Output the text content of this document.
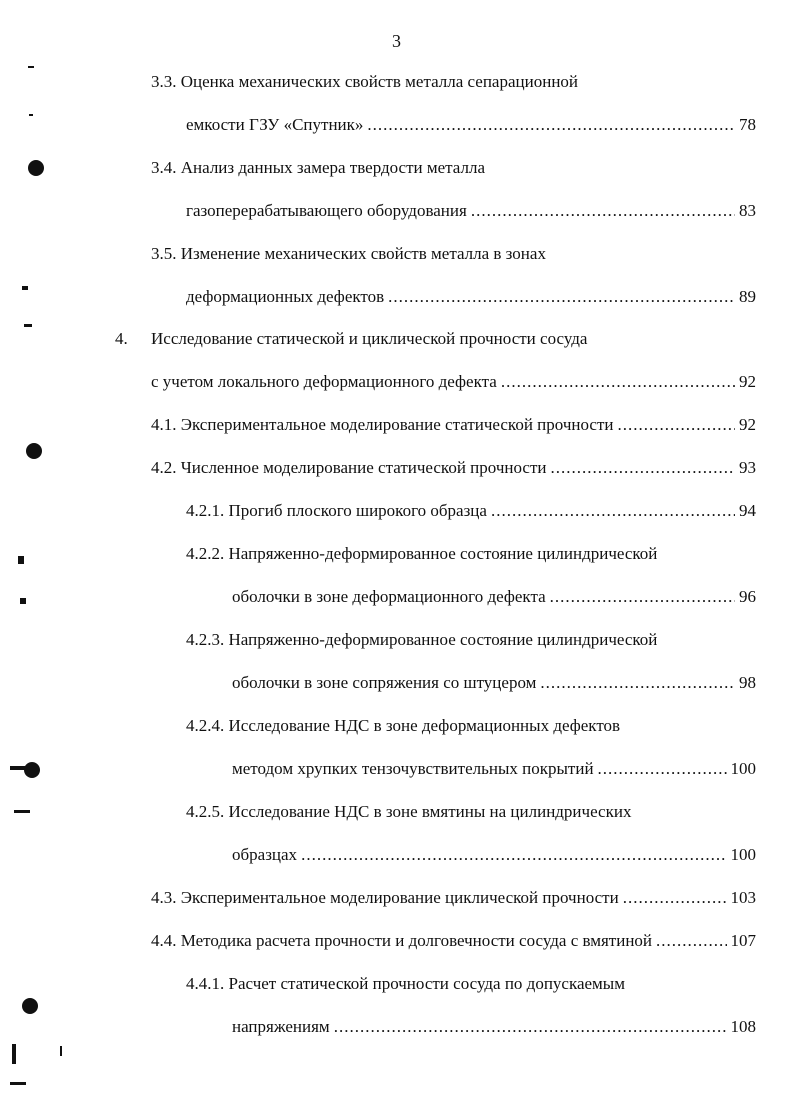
3
3.3. Оценка механических свойств металла сепарационной
емкости ГЗУ «Спутник» .....	78
3.4. Анализ данных замера твердости металла
газоперерабатывающего оборудования .....	83
3.5. Изменение механических свойств металла в зонах
деформационных дефектов .....	89
4. Исследование статической и циклической прочности сосуда
с учетом локального деформационного дефекта .....	92
4.1. Экспериментальное моделирование статической прочности .....	92
4.2. Численное моделирование статической прочности .....	93
4.2.1. Прогиб плоского широкого образца .....	94
4.2.2. Напряженно-деформированное состояние цилиндрической
оболочки в зоне деформационного дефекта .....	96
4.2.3. Напряженно-деформированное состояние цилиндрической
оболочки в зоне сопряжения со штуцером .....	98
4.2.4. Исследование НДС в зоне деформационных дефектов
методом хрупких тензочувствительных покрытий .....	100
4.2.5. Исследование НДС в зоне вмятины на цилиндрических
образцах .....	100
4.3. Экспериментальное моделирование циклической прочности .....	103
4.4. Методика расчета прочности и долговечности сосуда с вмятиной .....	107
4.4.1. Расчет статической прочности сосуда по допускаемым
напряжениям .....	108
